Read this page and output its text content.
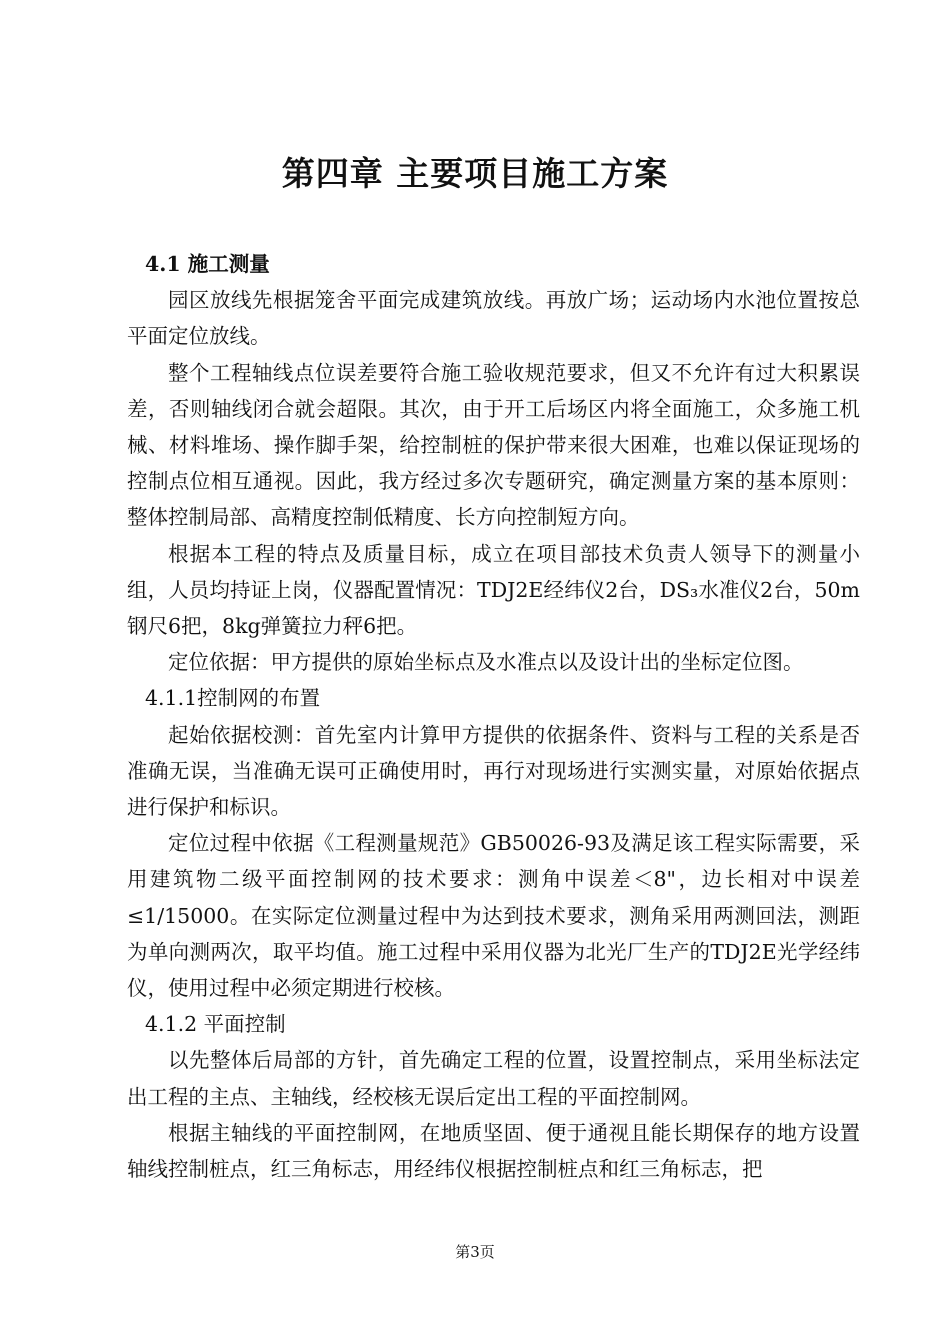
第四章 主要项目施工方案

4.1 施工测量

园区放线先根据笼舍平面完成建筑放线。再放广场；运动场内水池位置按总平面定位放线。

整个工程轴线点位误差要符合施工验收规范要求，但又不允许有过大积累误差，否则轴线闭合就会超限。其次，由于开工后场区内将全面施工，众多施工机械、材料堆场、操作脚手架，给控制桩的保护带来很大困难，也难以保证现场的控制点位相互通视。因此，我方经过多次专题研究，确定测量方案的基本原则：整体控制局部、高精度控制低精度、长方向控制短方向。

根据本工程的特点及质量目标，成立在项目部技术负责人领导下的测量小组，人员均持证上岗，仪器配置情况：TDJ2E经纬仪2台，DS₃水准仪2台，50m 钢尺6把，8kg弹簧拉力秤6把。

定位依据：甲方提供的原始坐标点及水准点以及设计出的坐标定位图。

4.1.1控制网的布置

起始依据校测：首先室内计算甲方提供的依据条件、资料与工程的关系是否准确无误，当准确无误可正确使用时，再行对现场进行实测实量，对原始依据点进行保护和标识。

定位过程中依据《工程测量规范》GB50026-93及满足该工程实际需要，采用建筑物二级平面控制网的技术要求：测角中误差＜8"，边长相对中误差≤1/15000。在实际定位测量过程中为达到技术要求，测角采用两测回法，测距为单向测两次，取平均值。施工过程中采用仪器为北光厂生产的TDJ2E光学经纬仪，使用过程中必须定期进行校核。

4.1.2 平面控制

以先整体后局部的方针，首先确定工程的位置，设置控制点，采用坐标法定出工程的主点、主轴线，经校核无误后定出工程的平面控制网。

根据主轴线的平面控制网，在地质坚固、便于通视且能长期保存的地方设置轴线控制桩点，红三角标志，用经纬仪根据控制桩点和红三角标志，把

第3页
